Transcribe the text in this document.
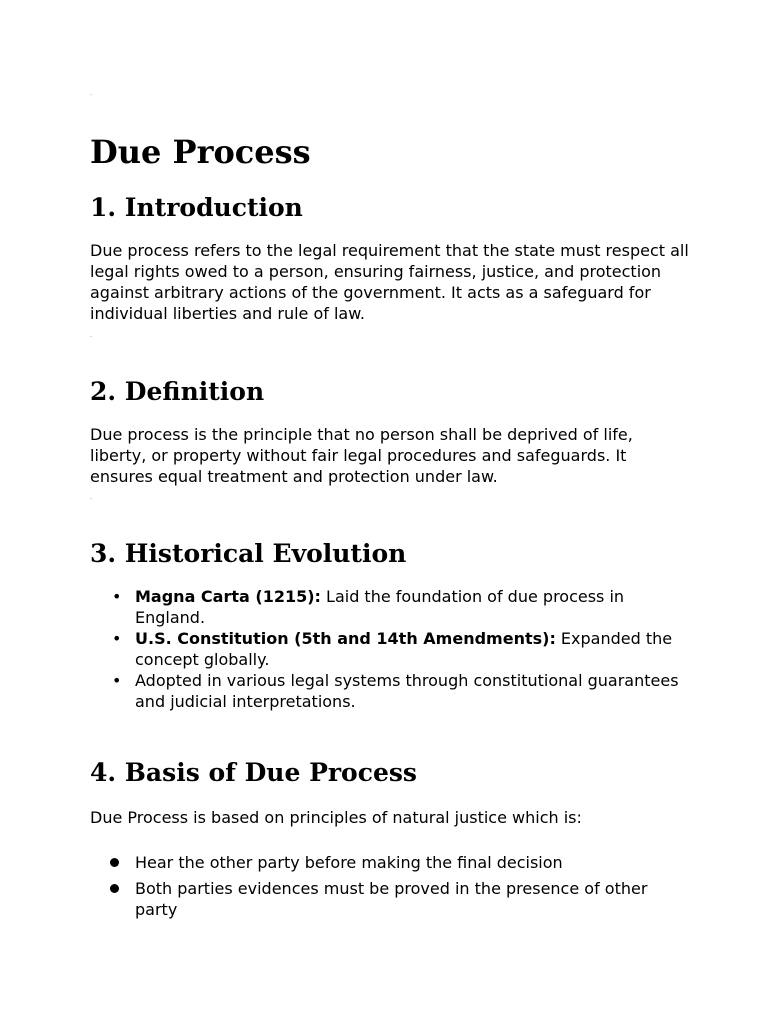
Due Process
1. Introduction

Due process refers to the legal requirement that the state must respect all legal rights owed to a person, ensuring fairness, justice, and protection against arbitrary actions of the government. It acts as a safeguard for individual liberties and rule of law.

2. Definition

Due process is the principle that no person shall be deprived of life, liberty, or property without fair legal procedures and safeguards. It ensures equal treatment and protection under law.

3. Historical Evolution
• Magna Carta (1215): Laid the foundation of due process in England.
• U.S. Constitution (5th and 14th Amendments): Expanded the concept globally.
• Adopted in various legal systems through constitutional guarantees and judicial interpretations.
4. Basis of Due Process

Due Process is based on principles of natural justice which is:

Hear the other party before making the final decision
Both parties evidences must be proved in the presence of other party
